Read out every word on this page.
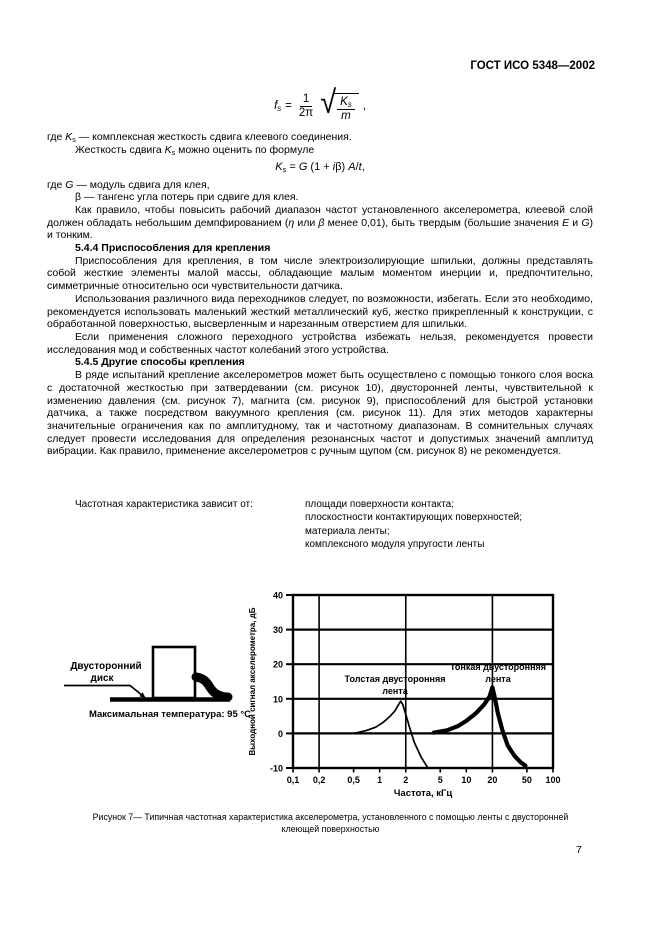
ГОСТ ИСО 5348—2002
$f_s = \frac{1}{2\pi}$ √ $\frac{K_s}{m}$ ,

где $K_s$ — комплексная жесткость сдвига клеевого соединения.

Жесткость сдвига $K_s$ можно оценить по формуле

$K_s = G$ (1 + iβ) A/t,

где G — модуль сдвига для клея,

β — тангенс угла потерь при сдвиге для клея.

Как правило, чтобы повысить рабочий диапазон частот установленного акселерометра, клеевой слой должен обладать небольшим демпфированием (η или β менее 0,01), быть твердым (большие значения E и G) и тонким.

5.4.4 Приспособления для крепления

Приспособления для крепления, в том числе электроизолирующие шпильки, должны представлять собой жесткие элементы малой массы, обладающие малым моментом инерции и, предпочтительно, симметричные относительно оси чувствительности датчика.

Использования различного вида переходников следует, по возможности, избегать. Если это необходимо, рекомендуется использовать маленький жесткий металлический куб, жестко прикрепленный к конструкции, с обработанной поверхностью, высверленным и нарезанным отверстием для шпильки.

Если применения сложного переходного устройства избежать нельзя, рекомендуется провести исследования мод и собственных частот колебаний этого устройства.

5.4.5 Другие способы крепления

В ряде испытаний крепление акселерометров может быть осуществлено с помощью тонкого слоя воска с достаточной жесткостью при затвердевании (см. рисунок 10), двусторонней ленты, чувствительной к изменению давления (см. рисунок 7), магнита (см. рисунок 9), приспособлений для быстрой установки датчика, а также посредством вакуумного крепления (см. рисунок 11). Для этих методов характерны значительные ограничения как по амплитудному, так и частотному диапазонам. В сомнительных случаях следует провести исследования для определения резонансных частот и допустимых значений амплитуд вибрации. Как правило, применение акселерометров с ручным щупом (см. рисунок 8) не рекомендуется.

Частотная характеристика зависит от:	площади поверхности контакта;
плоскостности контактирующих поверхностей;
материала ленты;
комплексного модуля упругости ленты
Двусторонний
диск
Максимальная температура: 95 °С
0,1 0,2 0,5 1 2	5 10 20	50 100
-10
0
10
20
30
40
Толстая двусторонняя
лента
Тонкая двусторонняя
лента
Частота, кГц
Выходной сигнал акселерометра, дБ
Рисунок 7— Типичная частотная характеристика акселерометра, установленного с помощью ленты с двусторонней
клеющей поверхностью
7
